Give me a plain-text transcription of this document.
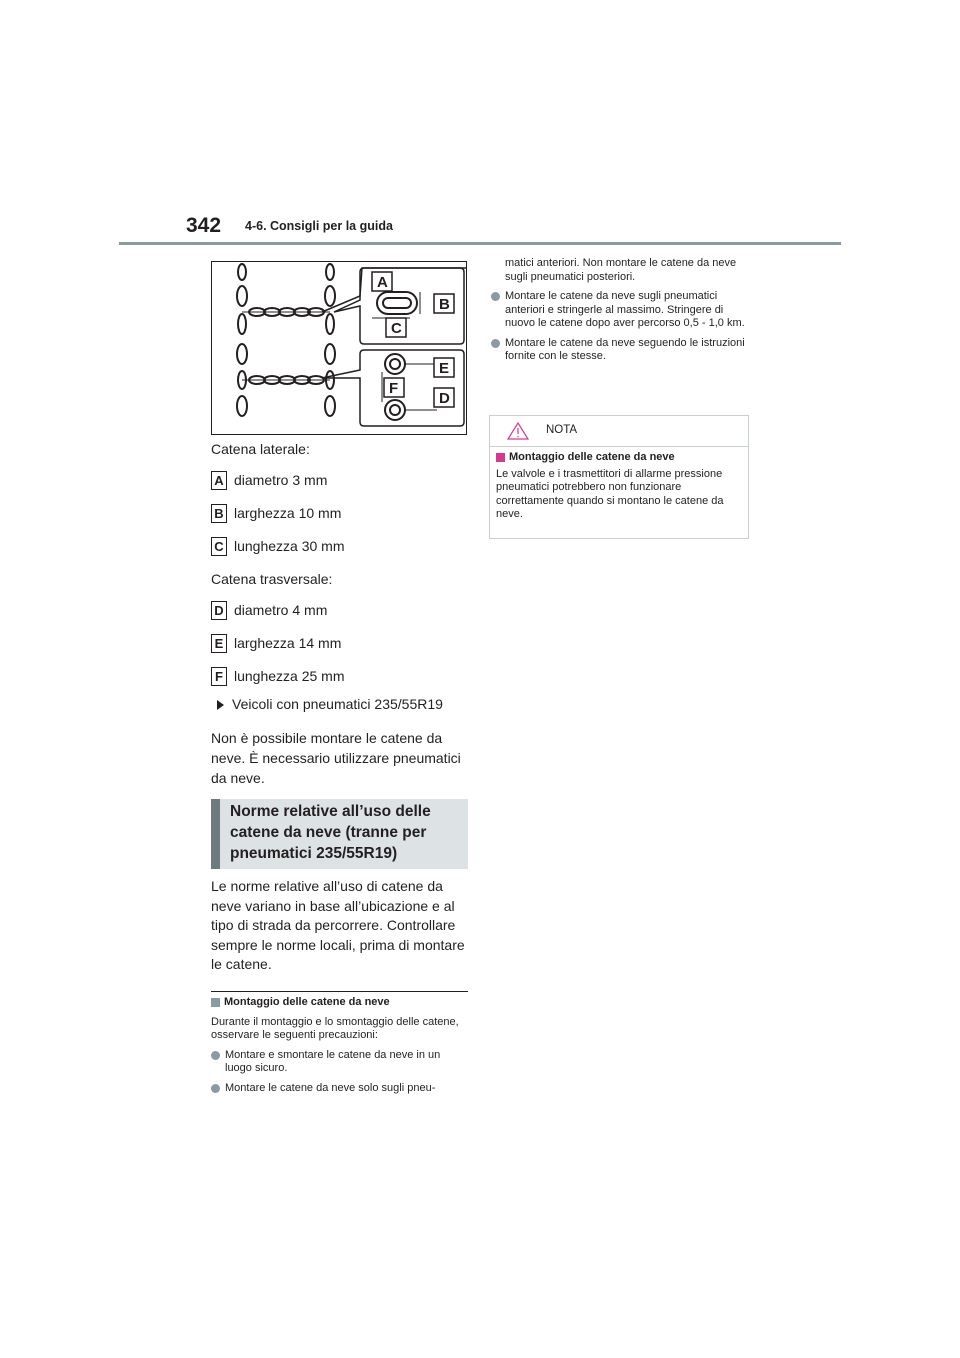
342 4-6. Consigli per la guida
A
B
C
D
E
F
Catena laterale:
A diametro 3 mm
B larghezza 10 mm
C lunghezza 30 mm
Catena trasversale:
D diametro 4 mm
E larghezza 14 mm
F lunghezza 25 mm
Veicoli con pneumatici 235/55R19

Non è possibile montare le catene da neve. È necessario utilizzare pneumatici da neve.

Norme relative all’uso delle
catene da neve (tranne per
pneumatici 235/55R19)

Le norme relative all’uso di catene da neve variano in base all’ubicazione e al tipo di strada da percorrere. Controllare sempre le norme locali, prima di montare le catene.

Montaggio delle catene da neve

Durante il montaggio e lo smontaggio delle catene, osservare le seguenti precauzioni:

Montare e smontare le catene da neve in un luogo sicuro.
Montare le catene da neve solo sugli pneu-

matici anteriori. Non montare le catene da neve sugli pneumatici posteriori.

Montare le catene da neve sugli pneumatici anteriori e stringerle al massimo. Stringere di nuovo le catene dopo aver percorso 0,5 - 1,0 km.
Montare le catene da neve seguendo le istruzioni fornite con le stesse.
NOTA
Montaggio delle catene da neve
Le valvole e i trasmettitori di allarme pressione pneumatici potrebbero non funzionare correttamente quando si montano le catene da neve.
